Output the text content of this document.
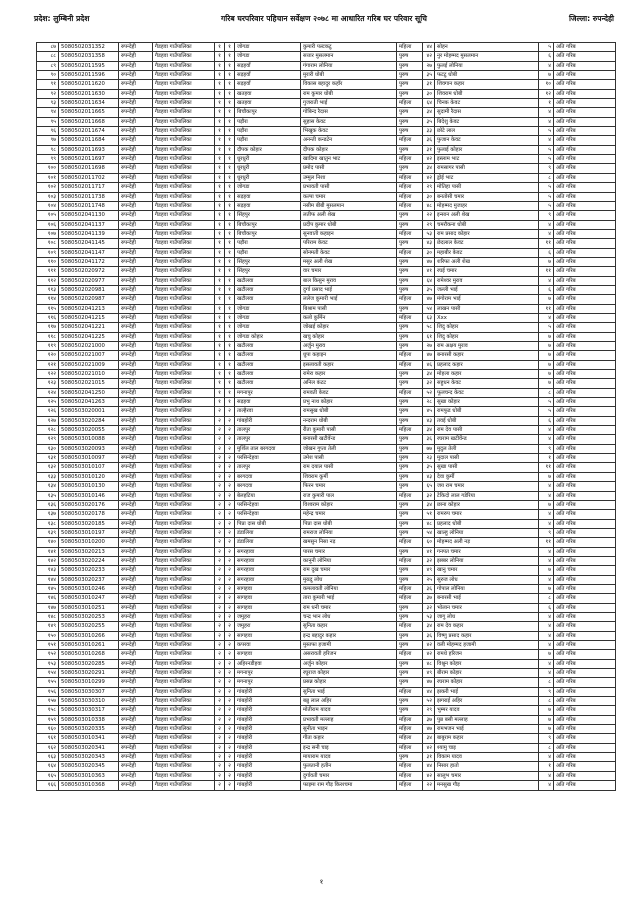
प्रदेश: लुम्बिनी प्रदेश	गरिब घरपरिवार पहिचान सर्वेक्षण २०७८ मा आधारित गरिब घर परिवार सूचि	जिल्ला: रुपन्देही
८७	5080502031352	रुपन्देही	गैडहवा गाउँपालिका	१	१	जोगडा	कुमारी पल्टकटु	महिला	४४	सोहन	५	अति गरिब
८८	5080502031358	रुपन्देही	गैडहवा गाउँपालिका	१	१	जोगडा	सत्तार मुसलमान	पुरुष	४२	नुर मोहम्मद मुसलमान	६	अति गरिब
८९	5080502011595	रुपन्देही	गैडहवा गाउँपालिका	१	१	सड़हवाँ	गंगाराम लोनिया	पुरुष	२७	फुलई लोनिया	४	अति गरिब
९०	5080502011596	रुपन्देही	गैडहवा गाउँपालिका	१	१	सड़हवाँ	मुरारी धोबी	पुरुष	३५	फटटु धोबी	७	अति गरिब
९१	5080502011620	रुपन्देही	गैडहवा गाउँपालिका	१	१	सड़हवाँ	विकास बहादुर कहाँर	पुरुष	३१	शिवगान कहार	१०	अति गरिब
९२	5080502011630	रुपन्देही	गैडहवा गाउँपालिका	१	१	खतहवा	राम कुमार धोबी	पुरुष	३०	शिवराम धोबी	१२	अति गरिब
९३	5080502011634	रुपन्देही	गैडहवा गाउँपालिका	१	१	खतहवा	गुजराती भाई	महिला	६४	चिनक केवट	१	अति गरिब
९४	5080502011665	रुपन्देही	गैडहवा गाउँपालिका	१	१	बिचौकापुर	गोबिन्द रैदास	पुरुष	३४	सुदामी रैदास	४	अति गरिब
९५	5080502011668	रुपन्देही	गैडहवा गाउँपालिका	१	१	पड़ौरा	सुहास केवट	पुरुष	३५	बिदेशु केवट	४	अति गरिब
९६	5080502011674	रुपन्देही	गैडहवा गाउँपालिका	१	१	पड़ौरा	भिखुक केवट	पुरुष	३३	छोटे लाल	५	अति गरिब
९७	5080502011684	रुपन्देही	गैडहवा गाउँपालिका	१	१	पड़ौरा	अनन्ती कन्डटेन	महिला	३६	फुजान केवट	४	अति गरिब
९८	5080502011693	रुपन्देही	गैडहवा गाउँपालिका	१	१	दौपक कोहार	दीपक कोहार	पुरुष	३१	फुलाई कोहार	५	अति गरिब
९९	5080502011697	रुपन्देही	गैडहवा गाउँपालिका	१	१	धुरधुरी	खादिमा खातुन भाट	महिला	४२	इस्लाम भाट	५	अति गरिब
१००	5080502011698	रुपन्देही	गैडहवा गाउँपालिका	१	१	धुरधुरी	प्रमोद पासी	पुरुष	३४	रामसागर पासी	९	अति गरिब
१०१	5080502011702	रुपन्देही	गैडहवा गाउँपालिका	१	१	धुरधुरी	उम्मुल निशा	महिला	४२	ड्रोई भाट	८	अति गरिब
१०२	5080502011717	रुपन्देही	गैडहवा गाउँपालिका	१	१	जोगडा	प्रभावती पासी	महिला	२९	मोतिहा पासी	५	अति गरिब
१०३	5080502011738	रुपन्देही	गैडहवा गाउँपालिका	१	१	सड़हवा	कल्पा चमार	महिला	३०	बनतोसी चमार	५	अति गरिब
१०४	5080502011748	रुपन्देही	गैडहवा गाउँपालिका	१	१	सड़हवा	नसीम बीबी मुसलमान	महिला	४८	मोहम्मद मुजाहर	५	अति गरिब
१०५	5080502041130	रुपन्देही	गैडहवा गाउँपालिका	१	१	सिंहपुर	लतीफ अली शेख	पुरुष	२२	इन्सान अली शेख	९	अति गरिब
१०६	5080502041137	रुपन्देही	गैडहवा गाउँपालिका	१	१	बिचौकापुर	प्रदीप कुमार धोबी	पुरुष	२९	चमरौकना धोबी	४	अति गरिब
१०७	5080502041139	रुपन्देही	गैडहवा गाउँपालिका	१	१	बिचौकापुर	सुनवाती कहाइन	महिला	५३	राम प्रसाद कोहार	४	अति गरिब
१०८	5080502041145	रुपन्देही	गैडहवा गाउँपालिका	१	१	पड़ौरा	परिराम केवट	पुरुष	४३	छेदलाल केवट	११	अति गरिब
१०९	5080502041147	रुपन्देही	गैडहवा गाउँपालिका	१	१	पड़ौरा	सोनमती केवट	महिला	३०	महाबीर केवट	६	अति गरिब
११०	5080502041172	रुपन्देही	गैडहवा गाउँपालिका	१	१	सिंहपुर	मसुर अली शेख	पुरुष	४७	शरिफा अली शेख	७	अति गरिब
१११	5080502020972	रुपन्देही	गैडहवा गाउँपालिका	१	१	सिंहपुर	वार चमार	पुरुष	४१	रघई चमार	११	अति गरिब
११२	5080502020977	रुपन्देही	गैडहवा गाउँपालिका	१	१	खटौलवा	बाल किसुन मुराव	पुरुष	६४	रामेश्वर मुराव	४	अति गरिब
११३	5080502020981	रुपन्देही	गैडहवा गाउँपालिका	१	१	खटौलवा	दुर्गा प्रसाद भाई	पुरुष	३५	जल्ली भाई	६	अति गरिब
११४	5080502020987	रुपन्देही	गैडहवा गाउँपालिका	१	१	खटौलवा	ललेज कुमारी भाई	महिला	४७	मंगोराम भाई	७	अति गरिब
११५	5080502041213	रुपन्देही	गैडहवा गाउँपालिका	१	१	जोगडा	बिश्राम पासी	पुरुष	५४	लाखन पासी	११	अति गरिब
११६	5080502041215	रुपन्देही	गैडहवा गाउँपालिका	१	१	जोगडा	कलो कुर्मिन	महिला	६३	Xxx	४	अति गरिब
११७	5080502041221	रुपन्देही	गैडहवा गाउँपालिका	१	१	जोगडा	जोखई कोहार	पुरुष	५८	शिदु कोहार	५	अति गरिब
११८	5080502041225	रुपन्देही	गैडहवा गाउँपालिका	१	१	जोगडा कोहार	खचु कोहार	पुरुष	६१	शिदु कोहार	७	अति गरिब
११९	5080502021000	रुपन्देही	गैडहवा गाउँपालिका	१	१	खटौलवा	अर्जुन मुराव	पुरुष	२७	राम अक्षय मुराव	७	अति गरिब
१२०	5080502021007	रुपन्देही	गैडहवा गाउँपालिका	१	१	खटौलवा	धुपा कहाइन	महिला	४७	बनारसी कहार	७	अति गरिब
१२१	5080502021009	रुपन्देही	गैडहवा गाउँपालिका	१	१	खटौलवा	इसलावती कहार	महिला	४६	प्रहलाद कहार	७	अति गरिब
१२२	5080502021010	रुपन्देही	गैडहवा गाउँपालिका	१	१	खटौलवा	रामेरा कहार	पुरुष	३४	मोहला कहार	७	अति गरिब
१२३	5080502021015	रुपन्देही	गैडहवा गाउँपालिका	१	१	खटौलवा	अनिल कंटट	पुरुष	३२	सहुधन केवट	७	अति गरिब
१२४	5080502041250	रुपन्देही	गैडहवा गाउँपालिका	१	१	मगनापुर	रामवती केवट	महिला	५२	फूलचन्द केवट	८	अति गरिब
१२५	5080502041263	रुपन्देही	गैडहवा गाउँपालिका	१	१	सड़हवा	प्रभु नाथ कोहार	पुरुष	२८	सुखा कोहार	५	अति गरिब
१२६	5080503020001	रुपन्देही	गैडहवा गाउँपालिका	२	२	ताल्हैरवा	रामसुख धोबी	पुरुष	४५	रामफुड धोबी	५	अति गरिब
१२७	5080503020284	रुपन्देही	गैडहवा गाउँपालिका	२	२	गांबहोरी	नन्दराम धोबी	पुरुष	४३	तवई धोबी	६	अति गरिब
१२८	5080503020055	रुपन्देही	गैडहवा गाउँपालिका	२	२	तालपुर	रीता कुमारी पासी	महिला	३४	राम देव पासी	४	अति गरिब
१२९	5080503010088	रुपन्देही	गैडहवा गाउँपालिका	२	२	तालपुर	बनारसी खटीवेंन्ड	पुरुष	३६	रघराम खटीवेंन्ड	४	अति गरिब
१३०	5080503020093	रुपन्देही	गैडहवा गाउँपालिका	२	२	मुर्शिल ताल बरगदवा	जोखन गुप्ता तेली	पुरुष	७७	मुदुल तेली	९	अति गरिब
१३१	5080503010097	रुपन्देही	गैडहवा गाउँपालिका	२	२	परसिन्देहवा	उमेश पासी	पुरुष	२३	मुदाल पासी	१	अति गरिब
१३२	5080503010107	रुपन्देही	गैडहवा गाउँपालिका	२	२	तालपुर	राम दयाल पासी	पुरुष	३५	सुखा पासी	११	अति गरिब
१३३	5080503010120	रुपन्देही	गैडहवा गाउँपालिका	२	२	बरगदवा	शिवराम कुर्मी	पुरुष	४३	देवा कुर्मी	७	अति गरिब
१३४	5080503010130	रुपन्देही	गैडहवा गाउँपालिका	२	२	बरगदवा	फिरन चमार	पुरुष	६५	जय राम चमार	४	अति गरिब
१३५	5080503010146	रुपन्देही	गैडहवा गाउँपालिका	२	२	बेलहटिया	राज कुमारी पाल	महिला	३२	टेकिदो लाल गडेरिया	४	अति गरिब
१३६	5080503020176	रुपन्देही	गैडहवा गाउँपालिका	२	२	परसिन्देहवा	विश्वराम कोहार	पुरुष	३४	छाना कोहार	७	अति गरिब
१३७	5080503020178	रुपन्देही	गैडहवा गाउँपालिका	२	२	परसिन्देहवा	महेन्द्र चमार	पुरुष	५१	रामरुप चमार	४	अति गरिब
१३८	5080503020185	रुपन्देही	गैडहवा गाउँपालिका	२	२	पिप्रा दास धोबी	पिप्रा दास धोबी	पुरुष	४८	प्रहलाद धोबी	४	अति गरिब
१३९	5080503010197	रुपन्देही	गैडहवा गाउँपालिका	२	२	डंडालिया	रामराज लोनिया	पुरुष	५४	खाल्हु लोनिया	९	अति गरिब
१४०	5080503010200	रुपन्देही	गैडहवा गाउँपालिका	२	२	डंडालिया	खमसुन निसा नड़	महिला	६०	मोहम्मद अली नड़	११	अति गरिब
१४१	5080503020213	रुपन्देही	गैडहवा गाउँपालिका	२	२	सगरहावा	पारस चमार	पुरुष	४१	गनपत चमार	४	अति गरिब
१४२	5080503020224	रुपन्देही	गैडहवा गाउँपालिका	२	२	सगरहावा	कानूनी लोनिया	महिला	३२	झब्बर लोनिया	४	अति गरिब
१४३	5080503020233	रुपन्देही	गैडहवा गाउँपालिका	२	२	सगरहावा	राम दुख चमार	पुरुष	४९	खानु चमार	७	अति गरिब
१४४	5080503020237	रुपन्देही	गैडहवा गाउँपालिका	२	२	सगरहावा	मुख्दु लोध	पुरुष	२५	सुरुज लोध	४	अति गरिब
१४५	5080503010246	रुपन्देही	गैडहवा गाउँपालिका	२	२	सागहवा	कमलावती लोनिया	महिला	३६	गोपाल लोनिया	७	अति गरिब
१४६	5080503010247	रुपन्देही	गैडहवा गाउँपालिका	२	२	सागहवा	तारा कुमारी भाई	महिला	३७	बनारसी भाई	८	अति गरिब
१४७	5080503010251	रुपन्देही	गैडहवा गाउँपालिका	२	२	सागहवा	राम धनी चमार	पुरुष	३२	भोलान चमार	६	अति गरिब
१४८	5080503020253	रुपन्देही	गैडहवा गाउँपालिका	२	२	जमुहरा	चन्द्र भान लोध	पुरुष	५३	जागु लोध	४	अति गरिब
१४९	5080503020255	रुपन्देही	गैडहवा गाउँपालिका	२	२	जमुहरा	सुनिता कहार	महिला	३४	राम देव कहार	४	अति गरिब
१५०	5080503010266	रुपन्देही	गैडहवा गाउँपालिका	२	२	सागहवा	इन्द्र बहादुर कहार	पुरुष	३६	विष्णु प्रसाद कहार	४	अति गरिब
१५१	5080503010261	रुपन्देही	गैडहवा गाउँपालिका	२	२	कपरवा	मुस्तफा हजामी	पुरुष	४२	वली मोहम्मद हजामी	४	अति गरिब
१५२	5080503010268	रुपन्देही	गैडहवा गाउँपालिका	२	२	सागहवा	असरावती हरिजन	महिला	४२	रामधे हरिजन	७	अति गरिब
१५३	5080503020285	रुपन्देही	गैडहवा गाउँपालिका	२	२	अहिरनडीहवा	अर्जुन कोहार	पुरुष	४८	विश्नुन कोहार	४	अति गरिब
१५४	5080503020291	रुपन्देही	गैडहवा गाउँपालिका	२	२	मगनापुर	रघुराज कोहार	पुरुष	४९	बीराम कोहार	४	अति गरिब
१५५	5080503010299	रुपन्देही	गैडहवा गाउँपालिका	२	२	मगनापुर	प्रसन्न कोहार	पुरुष	४७	रघराम कोहार	८	अति गरिब
१५६	5080503030307	रुपन्देही	गैडहवा गाउँपालिका	२	२	गांबहोरी	सुनिता भाई	महिला	४४	झकरी भाई	९	अति गरिब
१५७	5080503030310	रुपन्देही	गैडहवा गाउँपालिका	२	२	गांबहोरी	बन्नु लाल अहिर	पुरुष	५२	झगराई अहिर	८	अति गरिब
१५८	5080503030317	रुपन्देही	गैडहवा गाउँपालिका	२	२	गांबहोरी	मोतीराम यादव	पुरुष	२९	भुम्मर यादव	७	अति गरिब
१५९	5080503010338	रुपन्देही	गैडहवा गाउँपालिका	२	२	गांबहोरी	प्रभावती मल्लाह	महिला	३७	पुन्न बसी मल्लाह	७	अति गरिब
१६०	5080503020335	रुपन्देही	गैडहवा गाउँपालिका	२	२	गांबहोरी	सुनीता भाइन	महिला	४७	रामभजन भाई	७	अति गरिब
१६१	5080503010341	रुपन्देही	गैडहवा गाउँपालिका	२	२	गांबहोरी	गीता कहार	महिला	३४	बाबुराम कहार	९	अति गरिब
१६२	5080503020341	रुपन्देही	गैडहवा गाउँपालिका	२	२	गांबहोरी	इन्द्र सनी चाइ	महिला	४२	श्यामु चाइ	८	अति गरिब
१६३	5080503020343	रुपन्देही	गैडहवा गाउँपालिका	२	२	गांबहोरी	मायाराम यादव	पुरुष	३१	विकाम यादव	४	अति गरिब
१६४	5080503020345	रुपन्देही	गैडहवा गाउँपालिका	२	२	गांबहोरी	फुलतानी हतीन	महिला	४४	निसार हातो	१	अति गरिब
१६५	5080503010363	रुपन्देही	गैडहवा गाउँपालिका	२	२	गांबहोरी	दुर्गावती चमार	महिला	४२	सालुभ चमार	४	अति गरिब
१६६	5080503010368	रुपन्देही	गैडहवा गाउँपालिका	२	२	गांबहोरी	फाइमा राम गौड़ किरश्चमा	महिला	२२	मनसुख गौड़	४	अति गरिब
१
